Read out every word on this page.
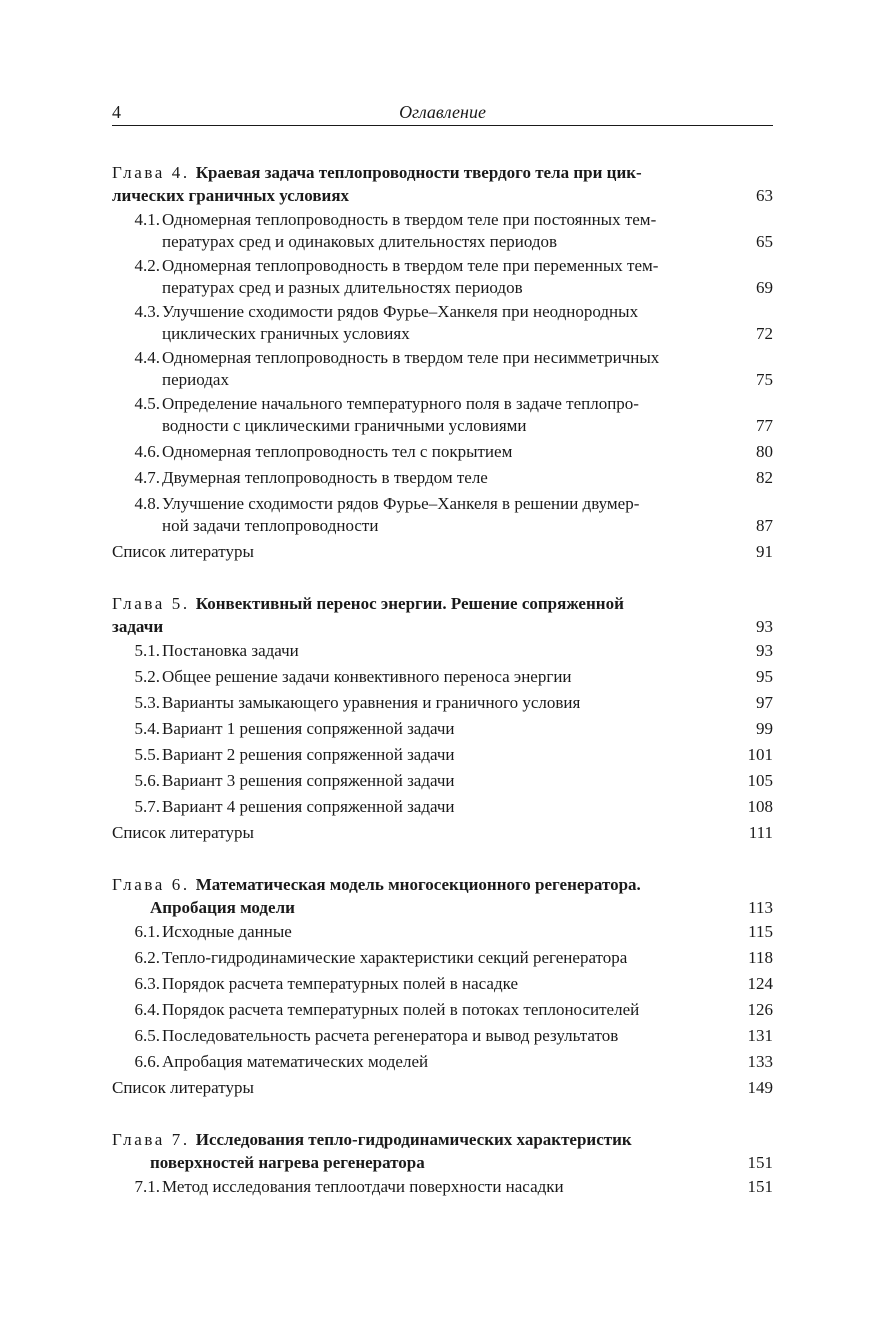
4	Оглавление
Глава 4. Краевая задача теплопроводности твердого тела при цик-
лических граничных условиях	63
4.1. Одномерная теплопроводность в твердом теле при постоянных тем-
пературах сред и одинаковых длительностях периодов	65
4.2. Одномерная теплопроводность в твердом теле при переменных тем-
пературах сред и разных длительностях периодов	69
4.3. Улучшение сходимости рядов Фурье–Ханкеля при неоднородных
циклических граничных условиях	72
4.4. Одномерная теплопроводность в твердом теле при несимметричных
периодах	75
4.5. Определение начального температурного поля в задаче теплопро-
водности с циклическими граничными условиями	77
4.6. Одномерная теплопроводность тел с покрытием	80
4.7. Двумерная теплопроводность в твердом теле	82
4.8. Улучшение сходимости рядов Фурье–Ханкеля в решении двумер-
ной задачи теплопроводности	87
Список литературы	91
Глава 5. Конвективный перенос энергии. Решение сопряженной
задачи	93
5.1. Постановка задачи	93
5.2. Общее решение задачи конвективного переноса энергии	95
5.3. Варианты замыкающего уравнения и граничного условия	97
5.4. Вариант 1 решения сопряженной задачи	99
5.5. Вариант 2 решения сопряженной задачи	101
5.6. Вариант 3 решения сопряженной задачи	105
5.7. Вариант 4 решения сопряженной задачи	108
Список литературы	111
Глава 6. Математическая модель многосекционного регенератора.
Апробация модели	113
6.1. Исходные данные	115
6.2. Тепло-гидродинамические характеристики секций регенератора	118
6.3. Порядок расчета температурных полей в насадке	124
6.4. Порядок расчета температурных полей в потоках теплоносителей	126
6.5. Последовательность расчета регенератора и вывод результатов	131
6.6. Апробация математических моделей	133
Список литературы	149
Глава 7. Исследования тепло-гидродинамических характеристик
поверхностей нагрева регенератора	151
7.1. Метод исследования теплоотдачи поверхности насадки	151
